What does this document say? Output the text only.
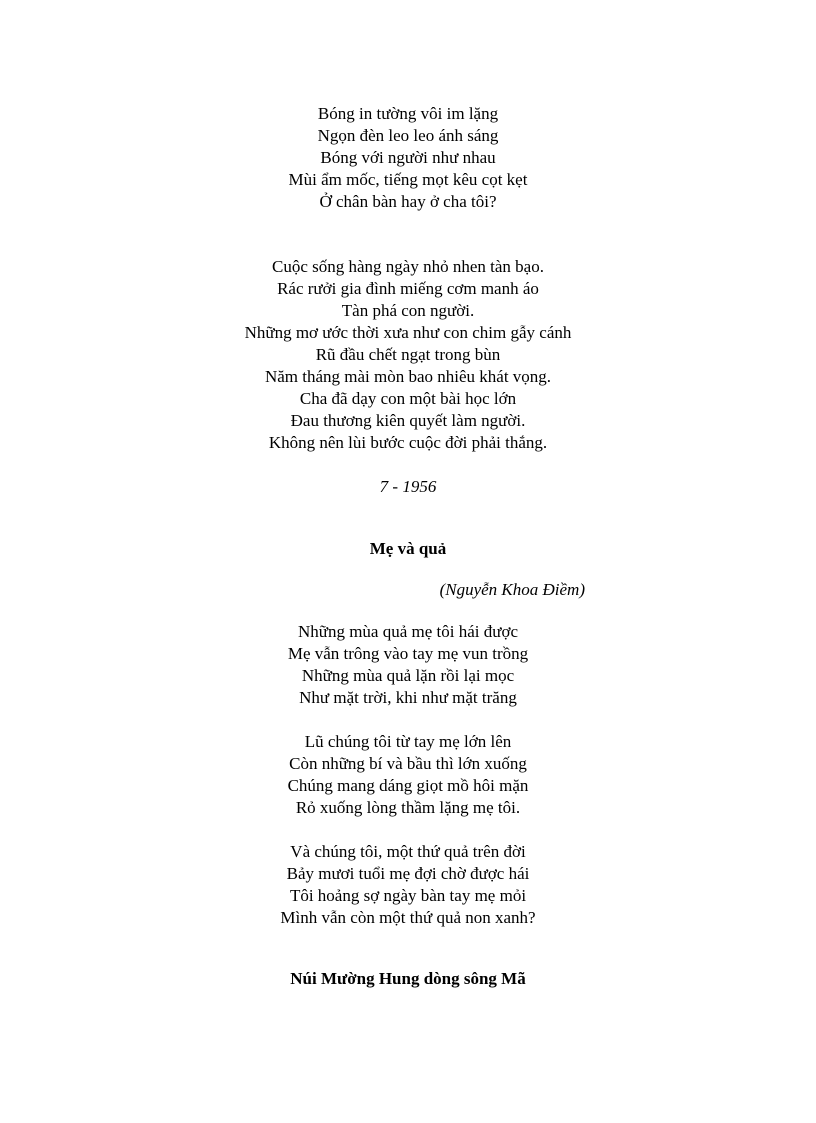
Bóng in tường vôi im lặng
Ngọn đèn leo leo ánh sáng
Bóng với người như nhau
Mùi ẩm mốc, tiếng mọt kêu cọt kẹt
Ở chân bàn hay ở cha tôi?
Cuộc sống hàng ngày nhỏ nhen tàn bạo.
Rác rưởi gia đình miếng cơm manh áo
Tàn phá con người.
Những mơ ước thời xưa như con chim gẫy cánh
Rũ đầu chết ngạt trong bùn
Năm tháng mài mòn bao nhiêu khát vọng.
Cha đã dạy con một bài học lớn
Đau thương kiên quyết làm người.
Không nên lùi bước cuộc đời phải thắng.
7 - 1956
Mẹ và quả
(Nguyễn Khoa Điềm)
Những mùa quả mẹ tôi hái được
Mẹ vẫn trông vào tay mẹ vun trồng
Những mùa quả lặn rồi lại mọc
Như mặt trời, khi như mặt trăng
Lũ chúng tôi từ tay mẹ lớn lên
Còn những bí và bầu thì lớn xuống
Chúng mang dáng giọt mồ hôi mặn
Rỏ xuống lòng thầm lặng mẹ tôi.
Và chúng tôi, một thứ quả trên đời
Bảy mươi tuổi mẹ đợi chờ được hái
Tôi hoảng sợ ngày bàn tay mẹ mỏi
Mình vẫn còn một thứ quả non xanh?
Núi Mường Hung dòng sông Mã
